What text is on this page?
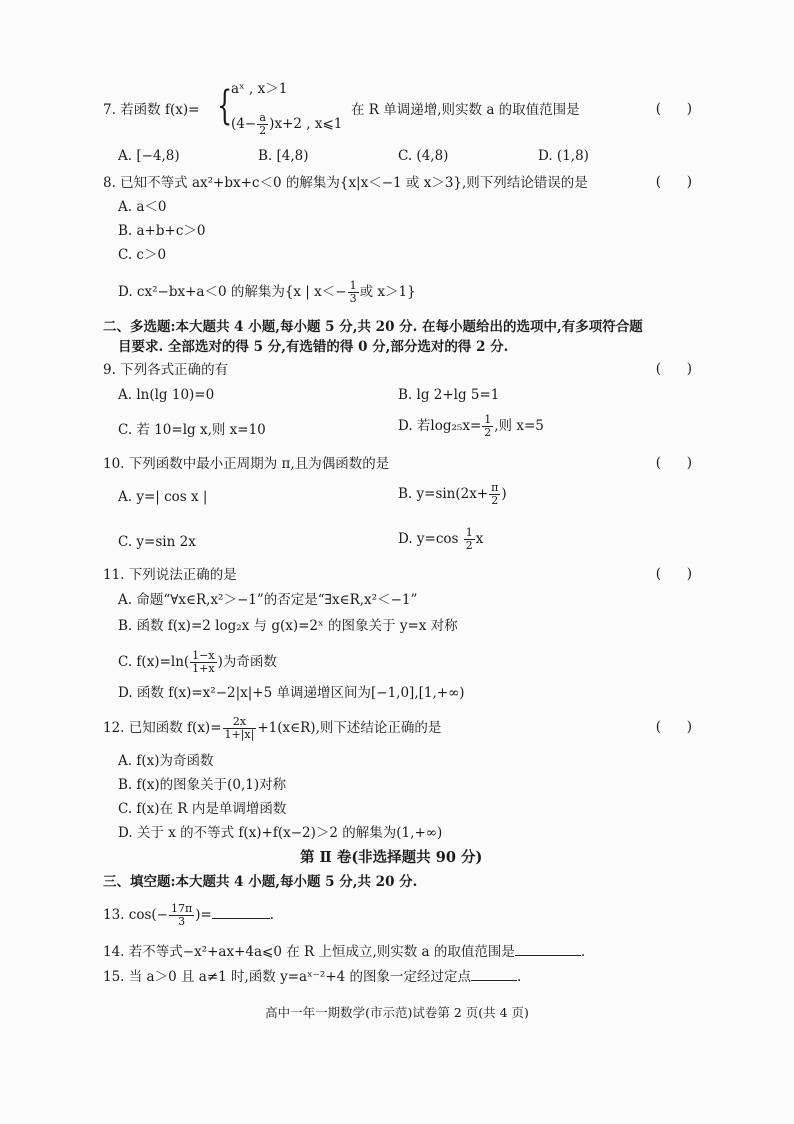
7. 若函数 f(x)= {
aˣ , x＞1
$(4- \frac{a}{2} )x+2$ , x⩽1
在 R 单调递增,则实数 a 的取值范围是	(      )
A. [−4,8)	B. [4,8)	C. (4,8)	D. (1,8)
8. 已知不等式 ax²+bx+c＜0 的解集为{x|x＜−1 或 x＞3},则下列结论错误的是	(      )
A. a＜0
B. a+b+c＞0
C. c＞0
D. cx²−bx+a＜0 的解集为{x | $x<- \frac{1}{3}$ 或 x＞1}
二、多选题:本大题共 4 小题,每小题 5 分,共 20 分. 在每小题给出的选项中,有多项符合题
目要求. 全部选对的得 5 分,有选错的得 0 分,部分选对的得 2 分.
9. 下列各式正确的有	(      )
A. ln(lg 10)=0	B. lg 2+lg 5=1
C. 若 10=lg x,则 x=10	D. 若$\log_{25}x= \frac{1}{2}$ ,则 x=5
10. 下列函数中最小正周期为 π,且为偶函数的是	(      )
A. y=| cos x |	B. $y=\sin(2x+ \frac{\pi}{2}$ )
C. y=sin 2x	D. $y=\cos \frac{1}{2}$ x
11. 下列说法正确的是	(      )
A. 命题“∀x∈R,x²＞−1”的否定是“∃x∈R,x²＜−1”
B. 函数 f(x)=2 log₂x 与 g(x)=2ˣ 的图象关于 y=x 对称
C. $f(x)=\ln( \frac{1-x}{1+x}$ )为奇函数
D. 函数 f(x)=x²−2|x|+5 单调递增区间为[−1,0],[1,+∞)
12. 已知函数 $f(x)= \frac{2x}{1+|x|}$ +1(x∈R),则下述结论正确的是	(      )
A. f(x)为奇函数
B. f(x)的图象关于(0,1)对称
C. f(x)在 R 内是单调增函数
D. 关于 x 的不等式 f(x)+f(x−2)＞2 的解集为(1,+∞)
第 Ⅱ 卷(非选择题共 90 分)
三、填空题:本大题共 4 小题,每小题 5 分,共 20 分.
13. $\cos(- \frac{17\pi}{3}$ )=	.
14. 若不等式−x²+ax+4a⩽0 在 R 上恒成立,则实数 a 的取值范围是	.
15. 当 a＞0 且 a≠1 时,函数 y=aˣ⁻²+4 的图象一定经过定点	.
高中一年一期数学(市示范)试卷第 2 页(共 4 页)
